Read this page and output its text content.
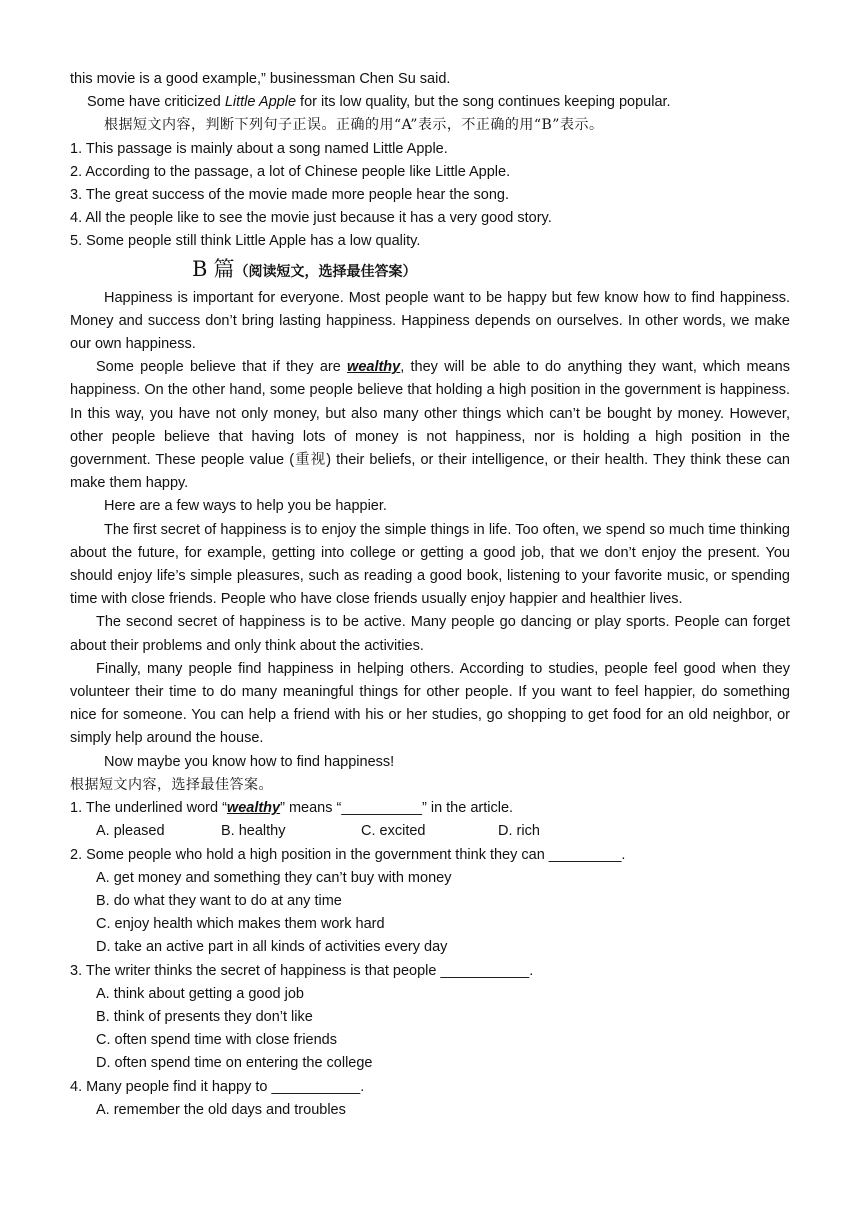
this movie is a good example,” businessman Chen Su said.
Some have criticized Little Apple for its low quality, but the song continues keeping popular.
根据短文内容，判断下列句子正误。正确的用“A”表示，不正确的用“B”表示。
1. This passage is mainly about a song named Little Apple.
2. According to the passage, a lot of Chinese people like Little Apple.
3. The great success of the movie made more people hear the song.
4. All the people like to see the movie just because it has a very good story.
5. Some people still think Little Apple has a low quality.
B 篇（阅读短文，选择最佳答案）
Happiness is important for everyone. Most people want to be happy but few know how to find happiness. Money and success don’t bring lasting happiness. Happiness depends on ourselves. In other words, we make our own happiness.
Some people believe that if they are wealthy, they will be able to do anything they want, which means happiness. On the other hand, some people believe that holding a high position in the government is happiness. In this way, you have not only money, but also many other things which can’t be bought by money. However, other people believe that having lots of money is not happiness, nor is holding a high position in the government. These people value (重视) their beliefs, or their intelligence, or their health. They think these can make them happy.
Here are a few ways to help you be happier.
The first secret of happiness is to enjoy the simple things in life. Too often, we spend so much time thinking about the future, for example, getting into college or getting a good job, that we don’t enjoy the present. You should enjoy life’s simple pleasures, such as reading a good book, listening to your favorite music, or spending time with close friends. People who have close friends usually enjoy happier and healthier lives.
The second secret of happiness is to be active. Many people go dancing or play sports. People can forget about their problems and only think about the activities.
Finally, many people find happiness in helping others. According to studies, people feel good when they volunteer their time to do many meaningful things for other people. If you want to feel happier, do something nice for someone. You can help a friend with his or her studies, go shopping to get food for an old neighbor, or simply help around the house.
Now maybe you know how to find happiness!
根据短文内容，选择最佳答案。
1. The underlined word “wealthy” means “__________” in the article.
A. pleased	B. healthy	C. excited	D. rich
2. Some people who hold a high position in the government think they can _________.
A. get money and something they can’t buy with money
B. do what they want to do at any time
C. enjoy health which makes them work hard
D. take an active part in all kinds of activities every day
3. The writer thinks the secret of happiness is that people ___________.
A. think about getting a good job
B. think of presents they don’t like
C. often spend time with close friends
D. often spend time on entering the college
4. Many people find it happy to ___________.
A. remember the old days and troubles
